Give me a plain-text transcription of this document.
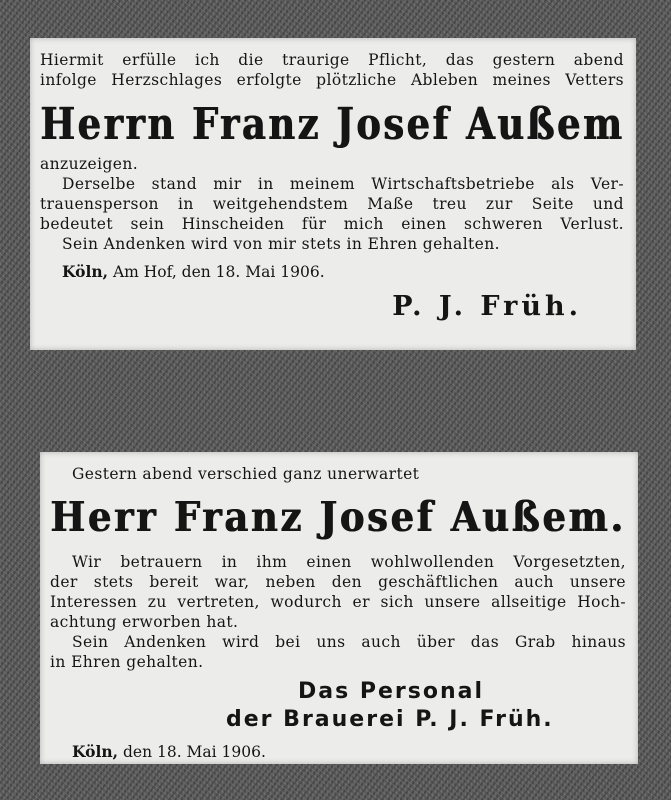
Hiermit erfülle ich die traurige Pflicht, das gestern abend
infolge Herzschlages erfolgte plötzliche Ableben meines Vetters
Herrn Franz Josef Außem
anzuzeigen.
Derselbe stand mir in meinem Wirtschaftsbetriebe als Ver-
trauensperson in weitgehendstem Maße treu zur Seite und
bedeutet sein Hinscheiden für mich einen schweren Verlust.
Sein Andenken wird von mir stets in Ehren gehalten.
Köln, Am Hof, den 18. Mai 1906.
P. J. Früh.
Gestern abend verschied ganz unerwartet
Herr Franz Josef Außem.
Wir betrauern in ihm einen wohlwollenden Vorgesetzten,
der stets bereit war, neben den geschäftlichen auch unsere
Interessen zu vertreten, wodurch er sich unsere allseitige Hoch-
achtung erworben hat.
Sein Andenken wird bei uns auch über das Grab hinaus
in Ehren gehalten.
Das Personal
der Brauerei P. J. Früh.
Köln, den 18. Mai 1906.
